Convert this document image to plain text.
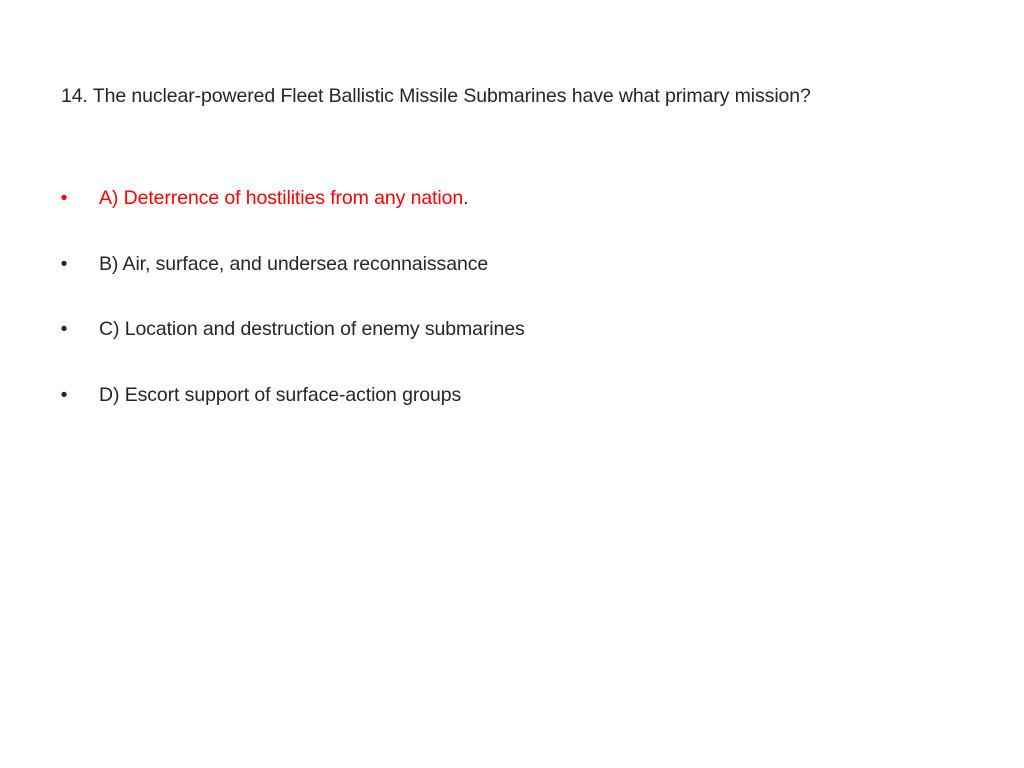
14. The nuclear-powered Fleet Ballistic Missile Submarines have what primary mission?
• A) Deterrence of hostilities from any nation.
• B) Air, surface, and undersea reconnaissance
• C) Location and destruction of enemy submarines
• D) Escort support of surface-action groups
